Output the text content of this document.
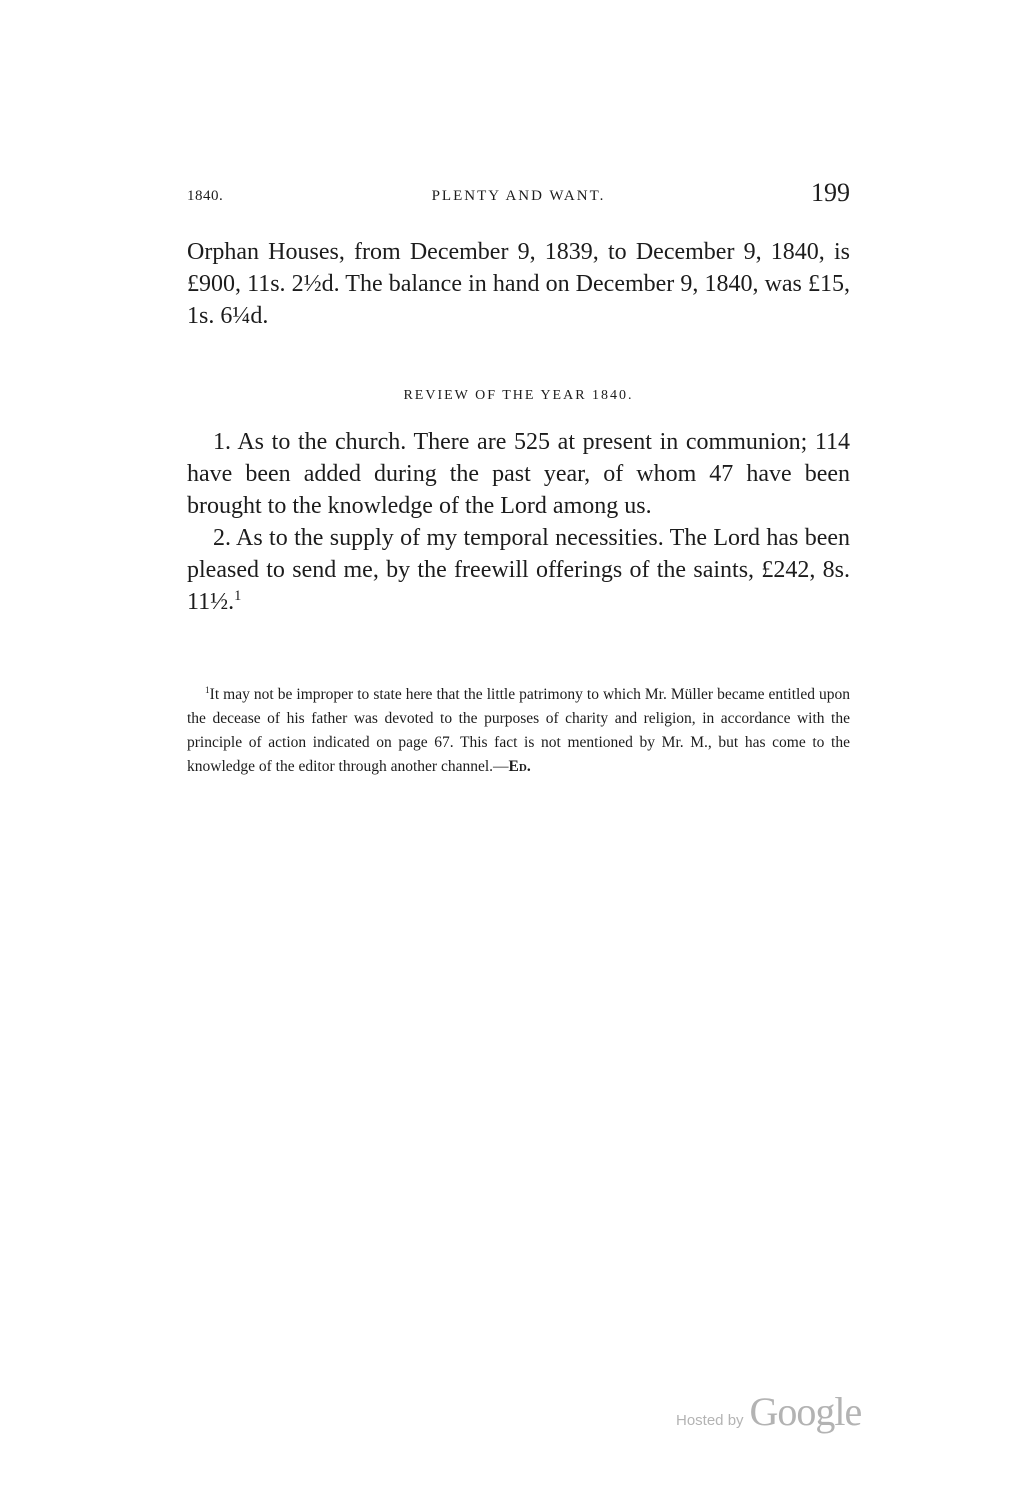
1840.	PLENTY AND WANT.	199

Orphan Houses, from December 9, 1839, to December 9, 1840, is £900, 11s. 2½d. The balance in hand on December 9, 1840, was £15, 1s. 6¼d.

REVIEW OF THE YEAR 1840.

1. As to the church. There are 525 at present in communion; 114 have been added during the past year, of whom 47 have been brought to the knowledge of the Lord among us.

2. As to the supply of my temporal necessities. The Lord has been pleased to send me, by the freewill offerings of the saints, £242, 8s. 11½.$^1$

$^1$It may not be improper to state here that the little patrimony to which Mr. Müller became entitled upon the decease of his father was devoted to the purposes of charity and religion, in accordance with the principle of action indicated on page 67. This fact is not mentioned by Mr. M., but has come to the knowledge of the editor through another channel.—Ed.

Hosted by Google
